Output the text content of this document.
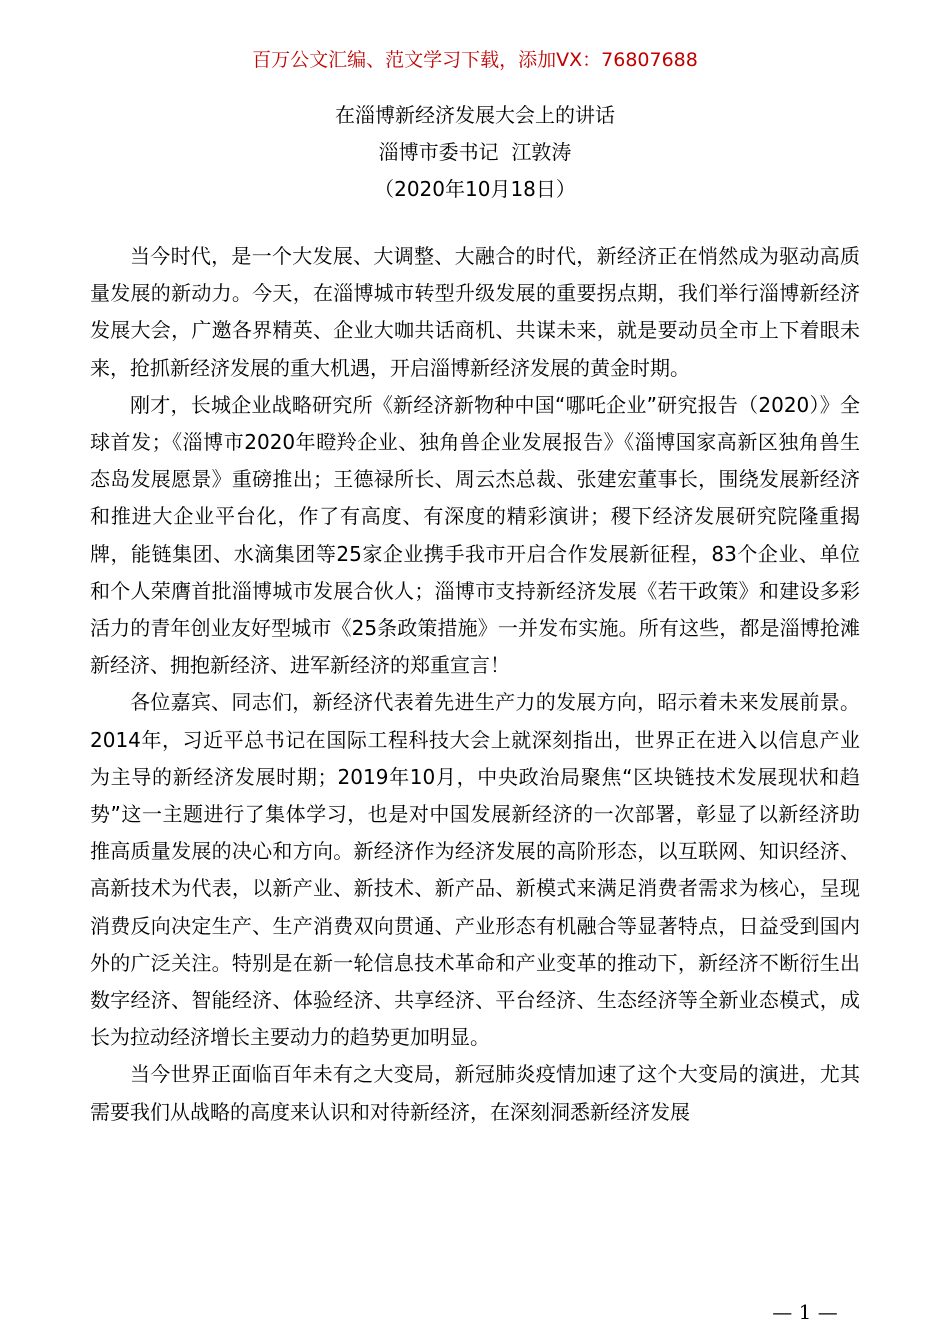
百万公文汇编、范文学习下载，添加VX：76807688
在淄博新经济发展大会上的讲话
淄博市委书记  江敦涛
（2020年10月18日）

当今时代，是一个大发展、大调整、大融合的时代，新经济正在悄然成为驱动高质量发展的新动力。今天，在淄博城市转型升级发展的重要拐点期，我们举行淄博新经济发展大会，广邀各界精英、企业大咖共话商机、共谋未来，就是要动员全市上下着眼未来，抢抓新经济发展的重大机遇，开启淄博新经济发展的黄金时期。

刚才，长城企业战略研究所《新经济新物种中国“哪吒企业”研究报告（2020）》全球首发；《淄博市2020年瞪羚企业、独角兽企业发展报告》《淄博国家高新区独角兽生态岛发展愿景》重磅推出；王德禄所长、周云杰总裁、张建宏董事长，围绕发展新经济和推进大企业平台化，作了有高度、有深度的精彩演讲；稷下经济发展研究院隆重揭牌，能链集团、水滴集团等25家企业携手我市开启合作发展新征程，83个企业、单位和个人荣膺首批淄博城市发展合伙人；淄博市支持新经济发展《若干政策》和建设多彩活力的青年创业友好型城市《25条政策措施》一并发布实施。所有这些，都是淄博抢滩新经济、拥抱新经济、进军新经济的郑重宣言！

各位嘉宾、同志们，新经济代表着先进生产力的发展方向，昭示着未来发展前景。2014年，习近平总书记在国际工程科技大会上就深刻指出，世界正在进入以信息产业为主导的新经济发展时期；2019年10月，中央政治局聚焦“区块链技术发展现状和趋势”这一主题进行了集体学习，也是对中国发展新经济的一次部署，彰显了以新经济助推高质量发展的决心和方向。新经济作为经济发展的高阶形态，以互联网、知识经济、高新技术为代表，以新产业、新技术、新产品、新模式来满足消费者需求为核心，呈现消费反向决定生产、生产消费双向贯通、产业形态有机融合等显著特点，日益受到国内外的广泛关注。特别是在新一轮信息技术革命和产业变革的推动下，新经济不断衍生出数字经济、智能经济、体验经济、共享经济、平台经济、生态经济等全新业态模式，成长为拉动经济增长主要动力的趋势更加明显。

当今世界正面临百年未有之大变局，新冠肺炎疫情加速了这个大变局的演进，尤其需要我们从战略的高度来认识和对待新经济，在深刻洞悉新经济发展

— 1 —
